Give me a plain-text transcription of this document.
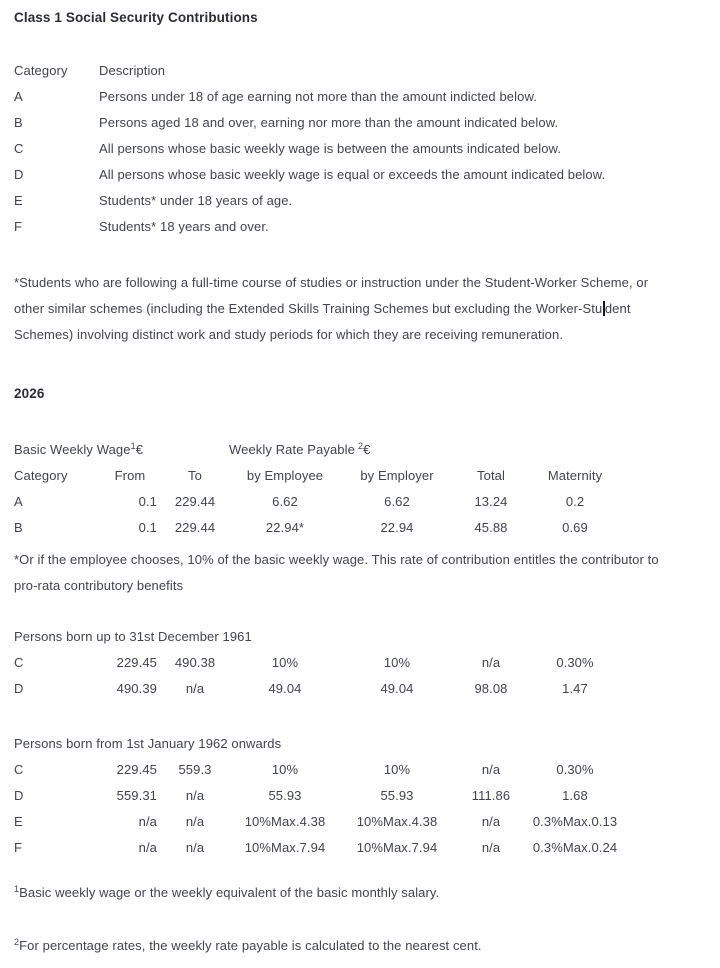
Class 1 Social Security Contributions
Category	Description
A	Persons under 18 of age earning not more than the amount indicted below.
B	Persons aged 18 and over, earning nor more than the amount indicated below.
C	All persons whose basic weekly wage is between the amounts indicated below.
D	All persons whose basic weekly wage is equal or exceeds the amount indicated below.
E	Students* under 18 years of age.
F	Students* 18 years and over.
*Students who are following a full-time course of studies or instruction under the Student-Worker Scheme, or
other similar schemes (including the Extended Skills Training Schemes but excluding the Worker-Stu dent
Schemes) involving distinct work and study periods for which they are receiving remuneration.
2026
Basic Weekly Wage$^1$€	Weekly Rate Payable $^2$€
Category	From	To	by Employee	by Employer	Total	Maternity
A	0.1	229.44	6.62	6.62	13.24	0.2
B	0.1	229.44	22.94*	22.94	45.88	0.69
*Or if the employee chooses, 10% of the basic weekly wage. This rate of contribution entitles the contributor to
pro-rata contributory benefits
Persons born up to 31st December 1961
C	229.45	490.38	10%	10%	n/a	0.30%
D	490.39	n/a	49.04	49.04	98.08	1.47
Persons born from 1st January 1962 onwards
C	229.45	559.3	10%	10%	n/a	0.30%
D	559.31	n/a	55.93	55.93	111.86	1.68
E	n/a	n/a	10%Max.4.38	10%Max.4.38	n/a	0.3%Max.0.13
F	n/a	n/a	10%Max.7.94	10%Max.7.94	n/a	0.3%Max.0.24
$^1$Basic weekly wage or the weekly equivalent of the basic monthly salary.
$^2$For percentage rates, the weekly rate payable is calculated to the nearest cent.
